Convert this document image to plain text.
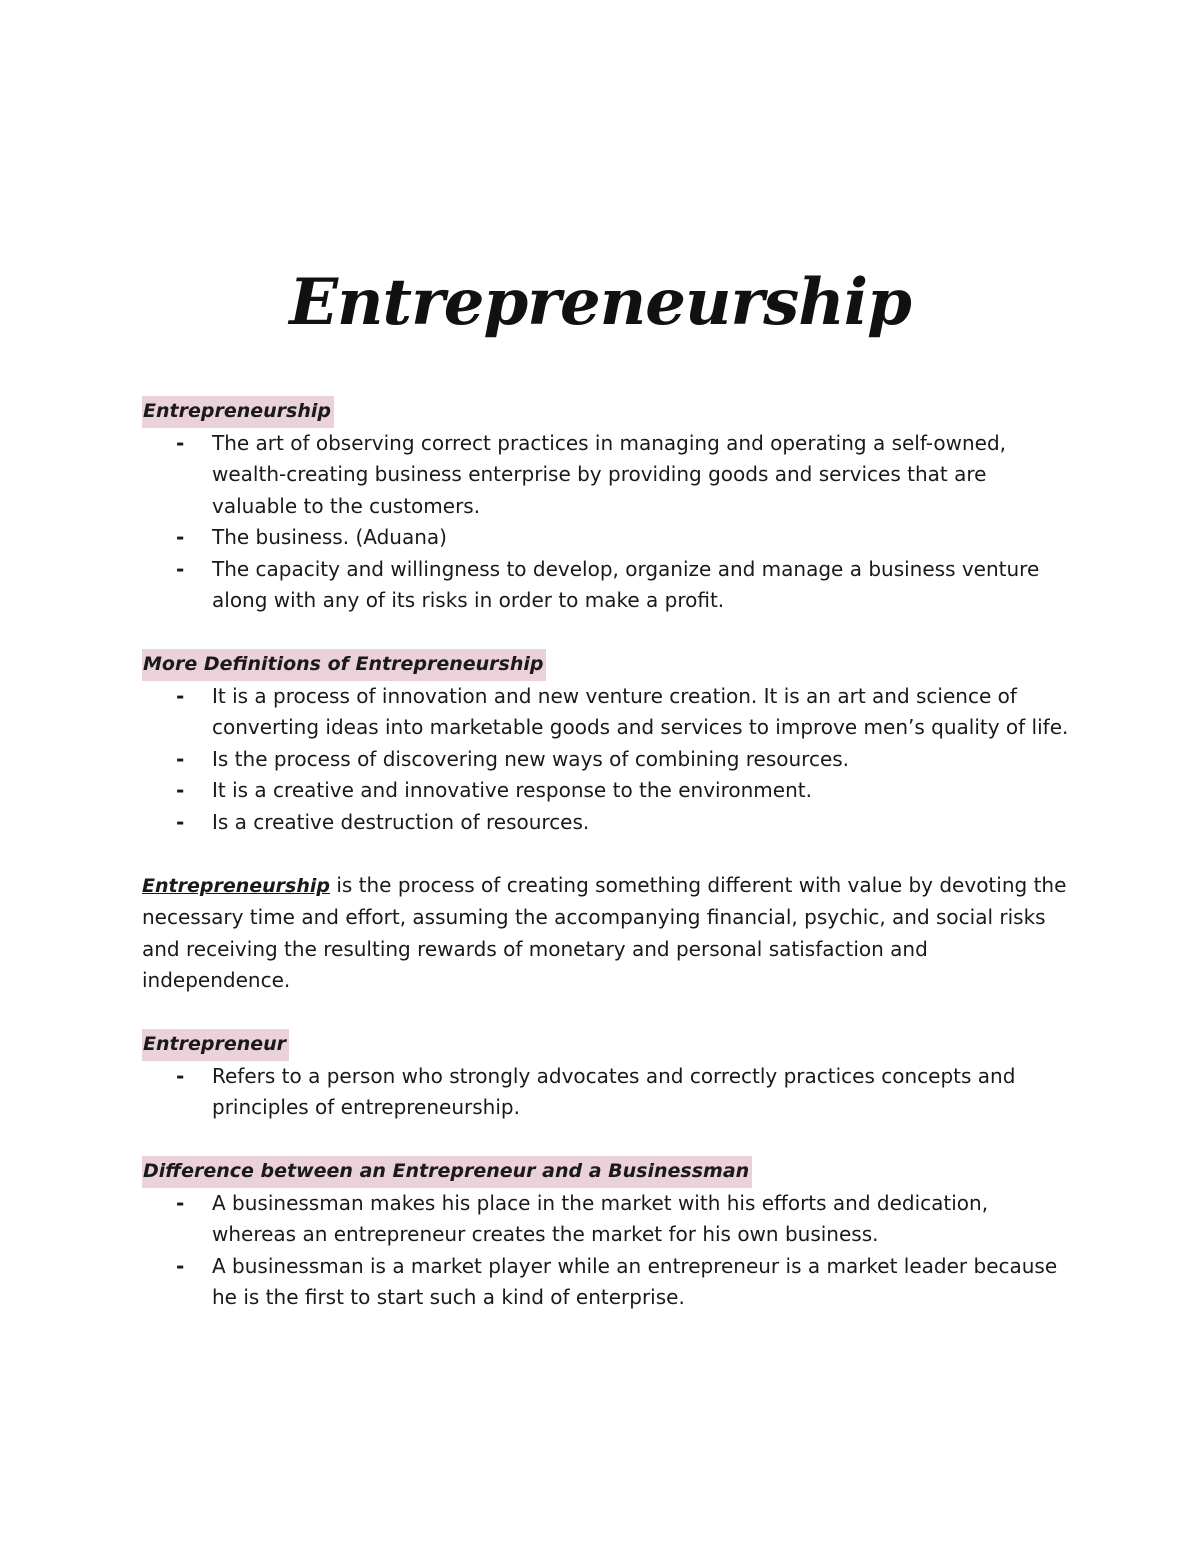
Entrepreneurship
Entrepreneurship
- The art of observing correct practices in managing and operating a self-owned, wealth-creating business enterprise by providing goods and services that are valuable to the customers.
- The business. (Aduana)
- The capacity and willingness to develop, organize and manage a business venture along with any of its risks in order to make a profit.
More Definitions of Entrepreneurship
- It is a process of innovation and new venture creation. It is an art and science of converting ideas into marketable goods and services to improve men’s quality of life.
- Is the process of discovering new ways of combining resources.
- It is a creative and innovative response to the environment.
- Is a creative destruction of resources.

Entrepreneurship is the process of creating something different with value by devoting the necessary time and effort, assuming the accompanying financial, psychic, and social risks and receiving the resulting rewards of monetary and personal satisfaction and independence.

Entrepreneur
- Refers to a person who strongly advocates and correctly practices concepts and principles of entrepreneurship.
Difference between an Entrepreneur and a Businessman
- A businessman makes his place in the market with his efforts and dedication, whereas an entrepreneur creates the market for his own business.
- A businessman is a market player while an entrepreneur is a market leader because he is the first to start such a kind of enterprise.
